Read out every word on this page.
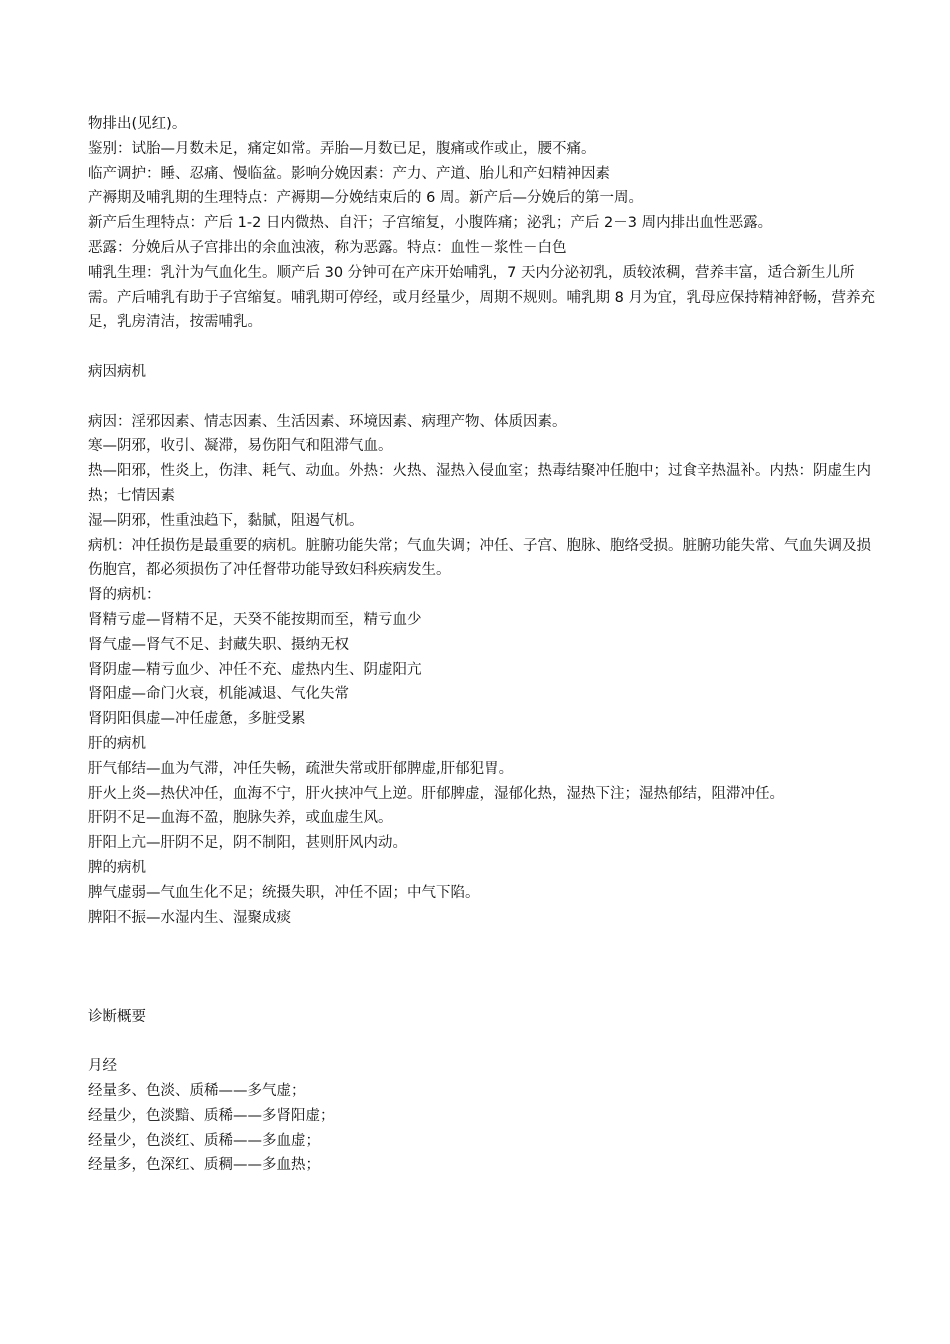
物排出(见红)。

鉴别：试胎—月数未足，痛定如常。弄胎—月数已足，腹痛或作或止，腰不痛。

临产调护：睡、忍痛、慢临盆。影响分娩因素：产力、产道、胎儿和产妇精神因素

产褥期及哺乳期的生理特点：产褥期—分娩结束后的 6 周。新产后—分娩后的第一周。

新产后生理特点：产后 1-2 日内微热、自汗；子宫缩复，小腹阵痛；泌乳；产后 2－3 周内排出血性恶露。

恶露：分娩后从子宫排出的余血浊液，称为恶露。特点：血性－浆性－白色

哺乳生理：乳汁为气血化生。顺产后 30 分钟可在产床开始哺乳，7 天内分泌初乳，质较浓稠，营养丰富，适合新生儿所需。产后哺乳有助于子宫缩复。哺乳期可停经，或月经量少，周期不规则。哺乳期 8 月为宜，乳母应保持精神舒畅，营养充足，乳房清洁，按需哺乳。

病因病机

病因：淫邪因素、情志因素、生活因素、环境因素、病理产物、体质因素。

寒—阴邪，收引、凝滞，易伤阳气和阻滞气血。

热—阳邪，性炎上，伤津、耗气、动血。外热：火热、湿热入侵血室；热毒结聚冲任胞中；过食辛热温补。内热：阴虚生内热；七情因素

湿—阴邪，性重浊趋下，黏腻，阻遏气机。

病机：冲任损伤是最重要的病机。脏腑功能失常；气血失调；冲任、子宫、胞脉、胞络受损。脏腑功能失常、气血失调及损伤胞宫，都必须损伤了冲任督带功能导致妇科疾病发生。

肾的病机：

肾精亏虚—肾精不足，天癸不能按期而至，精亏血少

肾气虚—肾气不足、封藏失职、摄纳无权

肾阴虚—精亏血少、冲任不充、虚热内生、阴虚阳亢

肾阳虚—命门火衰，机能减退、气化失常

肾阴阳俱虚—冲任虚惫，多脏受累

肝的病机

肝气郁结—血为气滞，冲任失畅，疏泄失常或肝郁脾虚,肝郁犯胃。

肝火上炎—热伏冲任，血海不宁，肝火挟冲气上逆。肝郁脾虚，湿郁化热，湿热下注；湿热郁结，阻滞冲任。

肝阴不足—血海不盈，胞脉失养，或血虚生风。

肝阳上亢—肝阴不足，阴不制阳，甚则肝风内动。

脾的病机

脾气虚弱—气血生化不足；统摄失职，冲任不固；中气下陷。

脾阳不振—水湿内生、湿聚成痰

诊断概要

月经

经量多、色淡、质稀——多气虚；

经量少，色淡黯、质稀——多肾阳虚；

经量少，色淡红、质稀——多血虚；

经量多，色深红、质稠——多血热；
